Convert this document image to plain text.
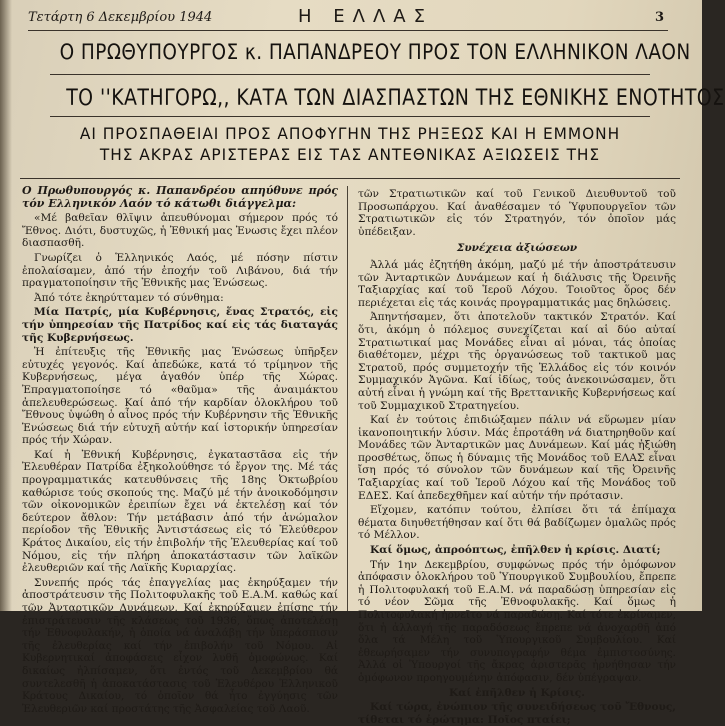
Τετάρτη 6 Δεκεμβρίου 1944	Η ΕΛΛΑΣ	3
Ο ΠΡΩΘΥΠΟΥΡΓΟΣ κ. ΠΑΠΑΝΔΡΕΟΥ ΠΡΟΣ ΤΟΝ ΕΛΛΗΝΙΚΟΝ ΛΑΟΝ
ΤΟ ''ΚΑΤΗΓΟΡΩ,, ΚΑΤΑ ΤΩΝ ΔΙΑΣΠΑΣΤΩΝ ΤΗΣ ΕΘΝΙΚΗΣ ΕΝΟΤΗΤΟΣ
ΑΙ ΠΡΟΣΠΑΘΕΙΑΙ ΠΡΟΣ ΑΠΟΦΥΓΗΝ ΤΗΣ ΡΗΞΕΩΣ ΚΑΙ Η ΕΜΜΟΝΗ
ΤΗΣ ΑΚΡΑΣ ΑΡΙΣΤΕΡΑΣ ΕΙΣ ΤΑΣ ΑΝΤΕΘΝΙΚΑΣ ΑΞΙΩΣΕΙΣ ΤΗΣ

Ο Πρωθυπουργός κ. Παπανδρέου απηύθυνε πρός τόν Ελληνικόν Λαόν τό κάτωθι διάγγελμα:

«Μέ βαθεῖαν θλῖψιν ἀπευθύνομαι σήμερον πρός τό Ἔθνος. Διότι, δυστυχῶς, ἡ Ἐθνική μας Ἑνωσις ἔχει πλέον διασπασθῆ.

Γνωρίζει ὁ Ἑλληνικός Λαός, μέ πόσην πίστιν ἐπολαίσαμεν, ἀπό τήν ἐποχήν τοῦ Λιβάνου, διά τήν πραγματοποίησιν τῆς Ἐθνικῆς μας Ἑνώσεως.

Ἀπό τότε ἐκηρύτταμεν τό σύνθημα:

Μία Πατρίς, μία Κυβέρνησις, ἕνας Στρατός, εἰς τήν ὑπηρεσίαν τῆς Πατρίδος καί εἰς τάς διαταγάς τῆς Κυβερνήσεως.

Ἡ ἐπίτευξις τῆς Ἐθνικῆς μας Ἑνώσεως ὑπῆρξεν εὐτυχές γεγονός. Καί ἀπεδώκε, κατά τό τρίμηνον τῆς Κυβερνήσεως, μέγα ἀγαθόν ὑπέρ τῆς Χώρας. Ἐπραγματοποίησε τό «θαῦμα» τῆς ἀναιμάκτου ἀπελευθερώσεως. Καί ἀπό τήν καρδίαν ὁλοκλήρου τοῦ Ἔθνους ὑψώθη ὁ αἶνος πρός τήν Κυβέρνησιν τῆς Ἐθνικῆς Ἑνώσεως διά τήν εὐτυχῆ αὐτήν καί ἱστορικήν ὑπηρεσίαν πρός τήν Χώραν.

Καί ἡ Ἐθνική Κυβέρνησις, ἐγκαταστᾶσα εἰς τήν Ἐλευθέραν Πατρίδα ἐξηκολούθησε τό ἔργον της. Μέ τάς προγραμματικάς κατευθύνσεις τῆς 18ης Ὀκτωβρίου καθώρισε τούς σκοπούς της. Μαζύ μέ τήν ἀνοικοδόμησιν τῶν οἰκονομικῶν ἐρειπίων ἔχει νά ἐκτελέσῃ καί τόν δεύτερον ἄθλον: Τήν μετάβασιν ἀπό τήν ἀνώμαλον περίοδον τῆς Ἐθνικῆς Ἀντιστάσεως εἰς τό Ἐλεύθερον Κράτος Δικαίου, εἰς τήν ἐπιβολήν τῆς Ἐλευθερίας καί τοῦ Νόμου, εἰς τήν πλήρη ἀποκατάστασιν τῶν λαϊκῶν ἐλευθεριῶν καί τῆς Λαϊκῆς Κυριαρχίας.

Συνεπής πρός τάς ἐπαγγελίας μας ἐκηρύξαμεν τήν ἀποστράτευσιν τῆς Πολιτοφυλακῆς τοῦ Ε.Α.Μ. καθώς καί τῶν Ἀνταρτικῶν Δυνάμεων. Καί ἐκηρύξαμεν ἐπίσης τήν ἐπιστράτευσιν τῆς κλάσεως τοῦ 1936, ὅπως ἀποτελέσῃ τήν Ἐθνοφυλακήν, ἡ ὁποία νά ἀναλάβῃ τήν ὑπεράσπισιν τῆς ἐλευθερίας καί τήν ἐπιβολήν τοῦ Νόμου. Αἱ Κυβερνητικαί ἀποφάσεις εἶχον λυθῆ ὁμοφώνως. Καί δικαίως ἠλπίσαμεν, ὅτι ἐντός τοῦ Δεκεμβρίου θά συντελεσθῆ ἡ ἀποκατάστασις τοῦ Ἐλευθέρου Ἑλληνικοῦ Κράτους Δικαίου, τό ὁποῖον θά ἦτο ἐγγύησις τῶν Ἐλευθεριῶν καί προστάτης τῆς Ἀσφαλείας τοῦ Λαοῦ.

τῶν Στρατιωτικῶν καί τοῦ Γενικοῦ Διευθυντοῦ τοῦ Προσωπάρχου. Καί ἀναθέσαμεν τό Ὑφυπουργεῖον τῶν Στρατιωτικῶν εἰς τόν Στρατηγόν, τόν ὁποῖον μάς ὑπέδειξαν.

Συνέχεια ἀξιώσεων

Ἀλλά μάς ἐζητήθη ἀκόμη, μαζύ μέ τήν ἀποστράτευσιν τῶν Ἀνταρτικῶν Δυνάμεων καί ἡ διάλυσις τῆς Ὀρεινῆς Ταξιαρχίας καί τοῦ Ἱεροῦ Λόχου. Τοιοῦτος ὅρος δέν περιέχεται εἰς τάς κοινάς προγραμματικάς μας δηλώσεις.

Ἀπηντήσαμεν, ὅτι ἀποτελοῦν τακτικόν Στρατόν. Καί ὅτι, ἀκόμη ὁ πόλεμος συνεχίζεται καί αἱ δύο αὐταί Στρατιωτικαί μας Μονάδες εἶναι αἱ μόναι, τάς ὁποίας διαθέτομεν, μέχρι τῆς ὀργανώσεως τοῦ τακτικοῦ μας Στρατοῦ, πρός συμμετοχήν τῆς Ἑλλάδος εἰς τόν κοινόν Συμμαχικόν Ἀγῶνα. Καί ἰδίως, τούς ἀνεκοινώσαμεν, ὅτι αὐτή εἶναι ἡ γνώμη καί τῆς Βρεττανικῆς Κυβερνήσεως καί τοῦ Συμμαχικοῦ Στρατηγείου.

Καί ἐν τούτοις ἐπιδιώξαμεν πάλιν νά εὕρωμεν μίαν ἱκανοποιητικήν λύσιν. Μάς ἐπροτάθη νά διατηρηθοῦν καί Μονάδες τῶν Ἀνταρτικῶν μας Δυνάμεων. Καί μάς ἠξιώθη προσθέτως, ὅπως ἡ δύναμις τῆς Μονάδος τοῦ ΕΛΑΣ εἶναι ἴση πρός τό σύνολον τῶν δυνάμεων καί τῆς Ὀρεινῆς Ταξιαρχίας καί τοῦ Ἱεροῦ Λόχου καί τῆς Μονάδος τοῦ ΕΔΕΣ. Καί ἀπεδεχθῆμεν καί αὐτήν τήν πρότασιν.

Εἴχομεν, κατόπιν τούτου, ἐλπίσει ὅτι τά ἐπίμαχα θέματα διηυθετήθησαν καί ὅτι θά βαδίζωμεν ὁμαλῶς πρός τό Μέλλον.

Καί ὅμως, ἀπροόπτως, ἐπῆλθεν ἡ κρίσις. Διατί;

Τήν 1ην Δεκεμβρίου, συμφώνως πρός τήν ὁμόφωνον ἀπόφασιν ὁλοκλήρου τοῦ Ὑπουργικοῦ Συμβουλίου, ἔπρεπε ἡ Πολιτοφυλακή τοῦ Ε.Α.Μ. νά παραδώσῃ ὑπηρεσίαν εἰς τό νέον Σῶμα τῆς Ἐθνοφυλακῆς. Καί ὅμως ἡ Πολιτοφυλακή ἠρνεῖτο νά παραδώσῃ. Καί τότε ἐκρίναμεν, ὅτι ἡ ἀλλαγή τῆς παραδόσεως ἔπρεπε νά ἀνοχαρθῆ ἀπό ὅλα τά Μέλη τοῦ Ὑπουργικοῦ Συμβουλίου. Καί ἐθεωρήσαμεν τήν συνυπογραφήν θέμα ἐμπιστοσύνης. Ἀλλά οἱ Ὑπουργοί τῆς ἄκρας ἀριστερᾶς ἠρνήθησαν τήν ὁμόφωνον προηγουμένην ἀπόφασιν, δέν ὑπέγραψαν.

Καί ἐπῆλθεν ἡ Κρίσις.

Καί τώρα, ἐνώπιον τῆς συνειδήσεως τοῦ Ἔθνους, τίθεται τό ἐρώτημα: Ποῖος πταίει;
